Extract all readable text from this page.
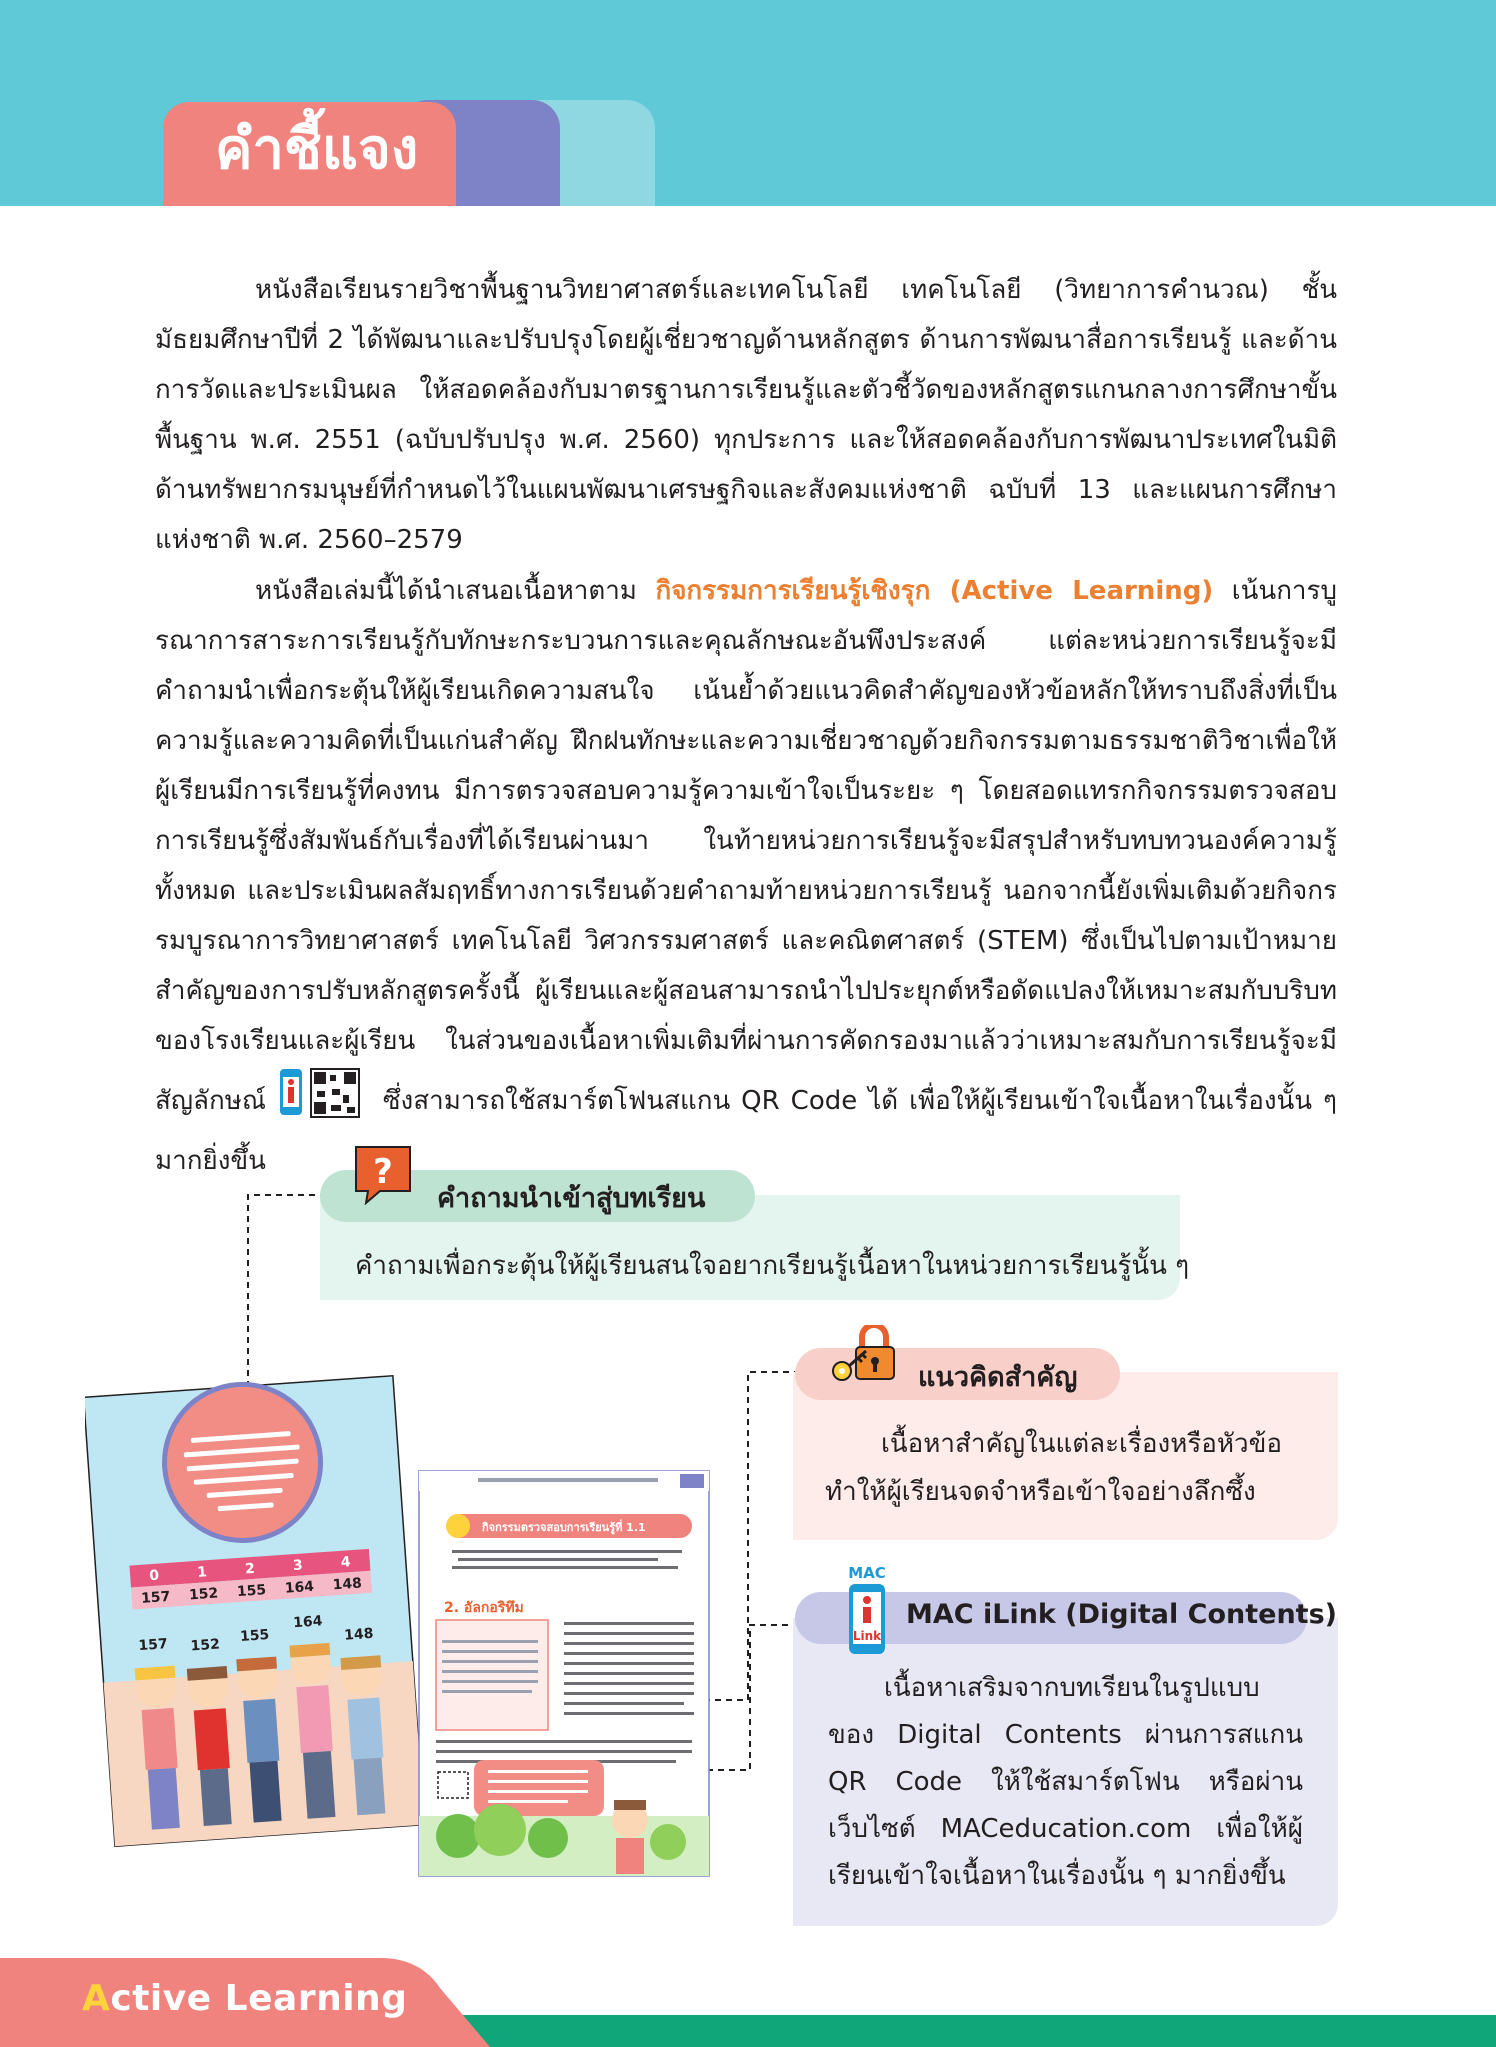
คำชี้แจง

หนังสือเรียนรายวิชาพื้นฐานวิทยาศาสตร์และเทคโนโลยี เทคโนโลยี (วิทยาการคำนวณ) ชั้นมัธยมศึกษาปีที่ 2 ได้พัฒนาและปรับปรุงโดยผู้เชี่ยวชาญด้านหลักสูตร ด้านการพัฒนาสื่อการเรียนรู้ และด้านการวัดและประเมินผล ให้สอดคล้องกับมาตรฐานการเรียนรู้และตัวชี้วัดของหลักสูตรแกนกลางการศึกษาขั้นพื้นฐาน พ.ศ. 2551 (ฉบับปรับปรุง พ.ศ. 2560) ทุกประการ และให้สอดคล้องกับการพัฒนาประเทศในมิติด้านทรัพยากรมนุษย์ที่กำหนดไว้ในแผนพัฒนาเศรษฐกิจและสังคมแห่งชาติ ฉบับที่ 13 และแผนการศึกษาแห่งชาติ พ.ศ. 2560–2579

หนังสือเล่มนี้ได้นำเสนอเนื้อหาตาม กิจกรรมการเรียนรู้เชิงรุก (Active Learning) เน้นการบูรณาการสาระการเรียนรู้กับทักษะกระบวนการและคุณลักษณะอันพึงประสงค์ แต่ละหน่วยการเรียนรู้จะมีคำถามนำเพื่อกระตุ้นให้ผู้เรียนเกิดความสนใจ เน้นย้ำด้วยแนวคิดสำคัญของหัวข้อหลักให้ทราบถึงสิ่งที่เป็นความรู้และความคิดที่เป็นแก่นสำคัญ ฝึกฝนทักษะและความเชี่ยวชาญด้วยกิจกรรมตามธรรมชาติวิชาเพื่อให้ผู้เรียนมีการเรียนรู้ที่คงทน มีการตรวจสอบความรู้ความเข้าใจเป็นระยะ ๆ โดยสอดแทรกกิจกรรมตรวจสอบการเรียนรู้ซึ่งสัมพันธ์กับเรื่องที่ได้เรียนผ่านมา ในท้ายหน่วยการเรียนรู้จะมีสรุปสำหรับทบทวนองค์ความรู้ทั้งหมด และประเมินผลสัมฤทธิ์ทางการเรียนด้วยคำถามท้ายหน่วยการเรียนรู้ นอกจากนี้ยังเพิ่มเติมด้วยกิจกรรมบูรณาการวิทยาศาสตร์ เทคโนโลยี วิศวกรรมศาสตร์ และคณิตศาสตร์ (STEM) ซึ่งเป็นไปตามเป้าหมายสำคัญของการปรับหลักสูตรครั้งนี้ ผู้เรียนและผู้สอนสามารถนำไปประยุกต์หรือดัดแปลงให้เหมาะสมกับบริบทของโรงเรียนและผู้เรียน ในส่วนของเนื้อหาเพิ่มเติมที่ผ่านการคัดกรองมาแล้วว่าเหมาะสมกับการเรียนรู้จะมีสัญลักษณ์	ซึ่งสามารถใช้สมาร์ตโฟนสแกน QR Code ได้ เพื่อให้ผู้เรียนเข้าใจเนื้อหาในเรื่องนั้น ๆ มากยิ่งขึ้น	?
คำถามนำเข้าสู่บทเรียน

คำถามเพื่อกระตุ้นให้ผู้เรียนสนใจอยากเรียนรู้เนื้อหาในหน่วยการเรียนรู้นั้น ๆ

แนวคิดสำคัญ

เนื้อหาสำคัญในแต่ละเรื่องหรือหัวข้อทำให้ผู้เรียนจดจำหรือเข้าใจอย่างลึกซึ้ง

MAC
Link
MAC iLink (Digital Contents)

เนื้อหาเสริมจากบทเรียนในรูปแบบของ Digital Contents ผ่านการสแกน QR Code ให้ใช้สมาร์ตโฟน หรือผ่านเว็บไซต์ MACeducation.com เพื่อให้ผู้เรียนเข้าใจเนื้อหาในเรื่องนั้น ๆ มากยิ่งขึ้น

0	1	2	3	4
157 152 155 164 148
157 152
155
164
148
กิจกรรมตรวจสอบการเรียนรู้ที่ 1.1
2. อัลกอริทึม

Active Learning
